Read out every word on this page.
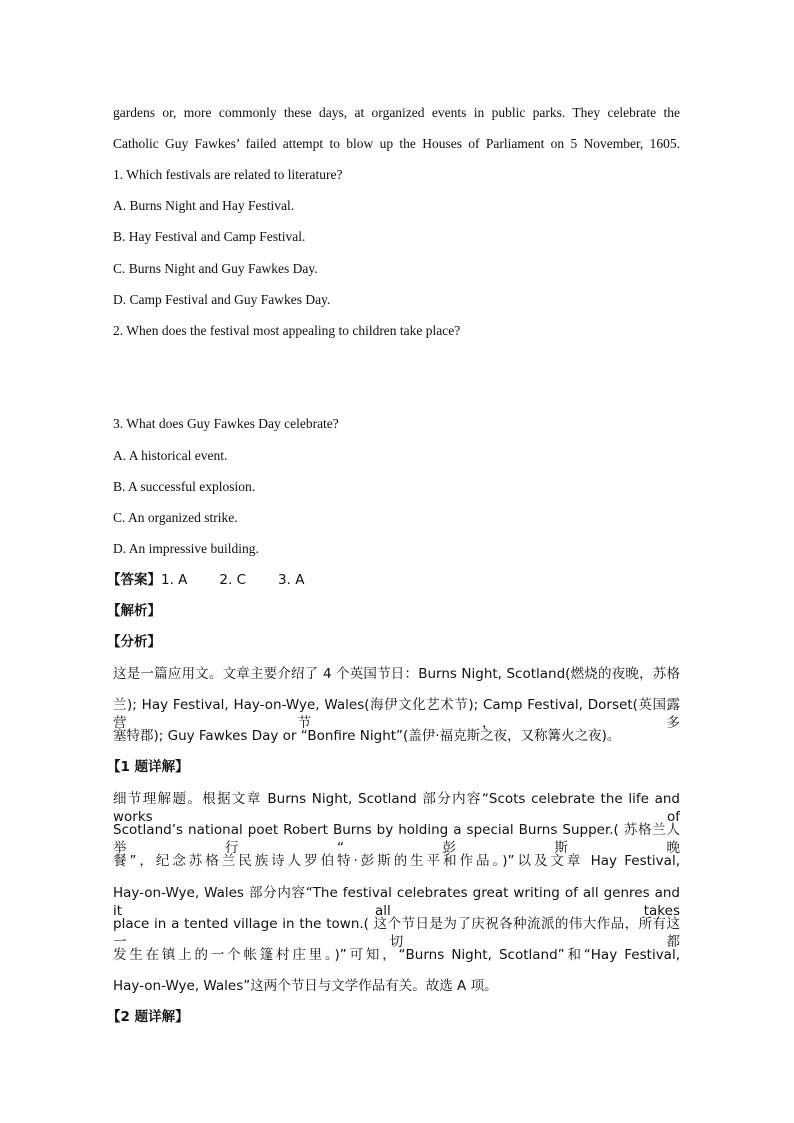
gardens or, more commonly these days, at organized events in public parks. They celebrate the
Catholic Guy Fawkes’ failed attempt to blow up the Houses of Parliament on 5 November, 1605.
1. Which festivals are related to literature?
A. Burns Night and Hay Festival.
B. Hay Festival and Camp Festival.
C. Burns Night and Guy Fawkes Day.
D. Camp Festival and Guy Fawkes Day.
2. When does the festival most appealing to children take place?
3. What does Guy Fawkes Day celebrate?
A. A historical event.
B. A successful explosion.
C. An organized strike.
D. An impressive building.
【答案】1. A 2. C 3. A
【解析】
【分析】
这是一篇应用文。文章主要介绍了 4 个英国节日：Burns Night, Scotland(燃烧的夜晚，苏格
兰); Hay Festival, Hay-on-Wye, Wales(海伊文化艺术节); Camp Festival, Dorset(英国露营节，多
塞特郡); Guy Fawkes Day or “Bonfire Night”(盖伊·福克斯之夜，又称篝火之夜)。
【1 题详解】
细节理解题。根据文章 Burns Night, Scotland 部分内容“Scots celebrate the life and works of
Scotland’s national poet Robert Burns by holding a special Burns Supper.( 苏格兰人举行“彭斯晚
餐”，纪念苏格兰民族诗人罗伯特·彭斯的生平和作品。)”以及文章 Hay Festival,
Hay-on-Wye, Wales 部分内容“The festival celebrates great writing of all genres and it all takes
place in a tented village in the town.( 这个节日是为了庆祝各种流派的伟大作品，所有这一切都
发生在镇上的一个帐篷村庄里。)”可知，“Burns Night, Scotland”和“Hay Festival,
Hay-on-Wye, Wales”这两个节日与文学作品有关。故选 A 项。
【2 题详解】
